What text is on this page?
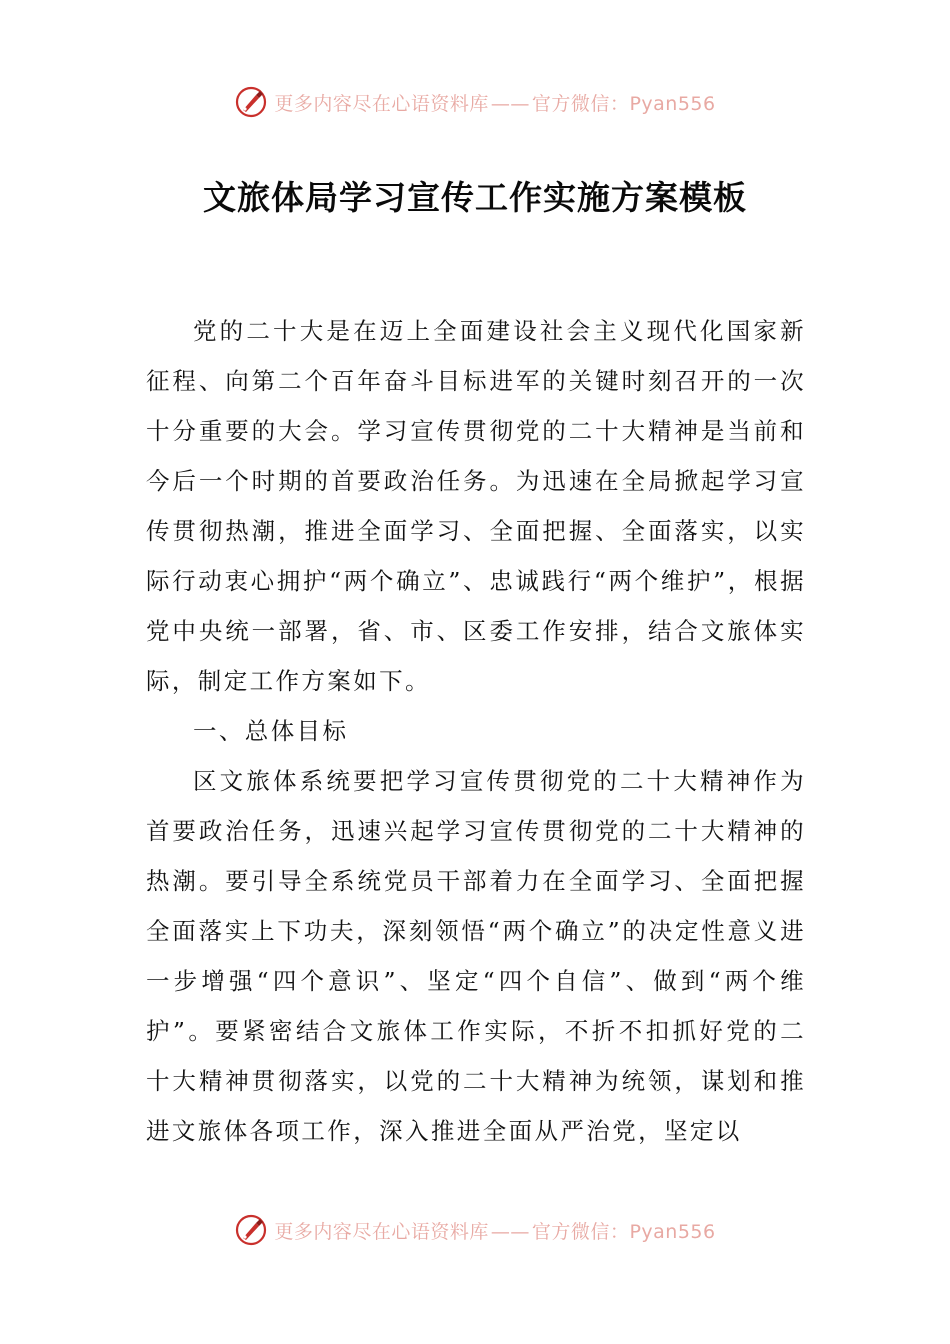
更多内容尽在心语资料库 —— 官方微信：Pyan556
文旅体局学习宣传工作实施方案模板

党的二十大是在迈上全面建设社会主义现代化国家新征程、向第二个百年奋斗目标进军的关键时刻召开的一次十分重要的大会。学习宣传贯彻党的二十大精神是当前和今后一个时期的首要政治任务。为迅速在全局掀起学习宣传贯彻热潮，推进全面学习、全面把握、全面落实，以实际行动衷心拥护“两个确立”、忠诚践行“两个维护”，根据党中央统一部署，省、市、区委工作安排，结合文旅体实际，制定工作方案如下。

一、总体目标

区文旅体系统要把学习宣传贯彻党的二十大精神作为首要政治任务，迅速兴起学习宣传贯彻党的二十大精神的热潮。要引导全系统党员干部着力在全面学习、全面把握全面落实上下功夫，深刻领悟“两个确立”的决定性意义进一步增强“四个意识”、坚定“四个自信”、做到“两个维护”。要紧密结合文旅体工作实际，不折不扣抓好党的二十大精神贯彻落实，以党的二十大精神为统领，谋划和推进文旅体各项工作，深入推进全面从严治党，坚定以

更多内容尽在心语资料库 —— 官方微信：Pyan556
